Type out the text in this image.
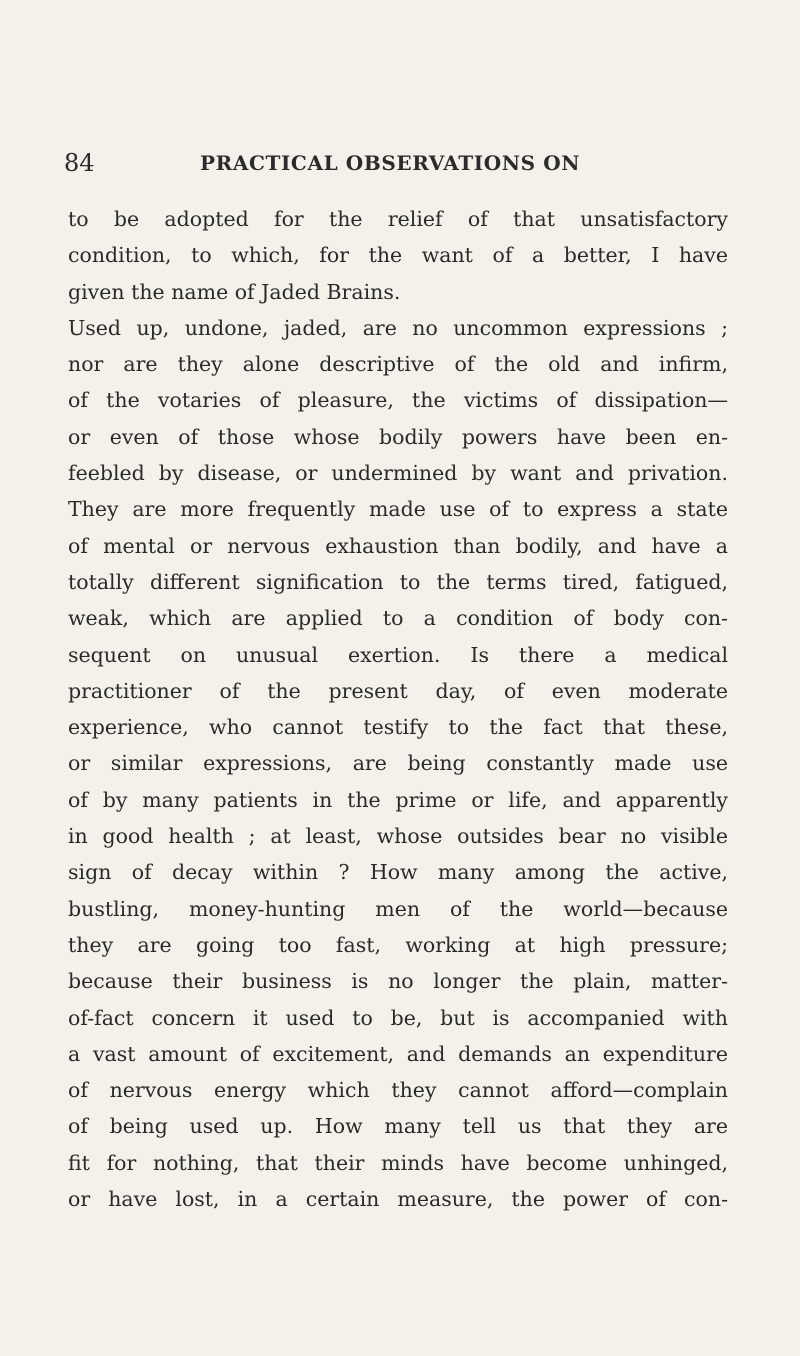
84	PRACTICAL OBSERVATIONS ON
to be adopted for the relief of that unsatisfactory
condition, to which, for the want of a better, I have
given the name of Jaded Brains.
Used up, undone, jaded, are no uncommon expressions ;
nor are they alone descriptive of the old and infirm,
of the votaries of pleasure, the victims of dissipation—
or even of those whose bodily powers have been en-
feebled by disease, or undermined by want and privation.
They are more frequently made use of to express a state
of mental or nervous exhaustion than bodily, and have a
totally different signification to the terms tired, fatigued,
weak, which are applied to a condition of body con-
sequent on unusual exertion. Is there a medical
practitioner of the present day, of even moderate
experience, who cannot testify to the fact that these,
or similar expressions, are being constantly made use
of by many patients in the prime or life, and apparently
in good health ; at least, whose outsides bear no visible
sign of decay within ? How many among the active,
bustling, money-hunting men of the world—because
they are going too fast, working at high pressure;
because their business is no longer the plain, matter-
of-fact concern it used to be, but is accompanied with
a vast amount of excitement, and demands an expenditure
of nervous energy which they cannot afford—complain
of being used up. How many tell us that they are
fit for nothing, that their minds have become unhinged,
or have lost, in a certain measure, the power of con-
